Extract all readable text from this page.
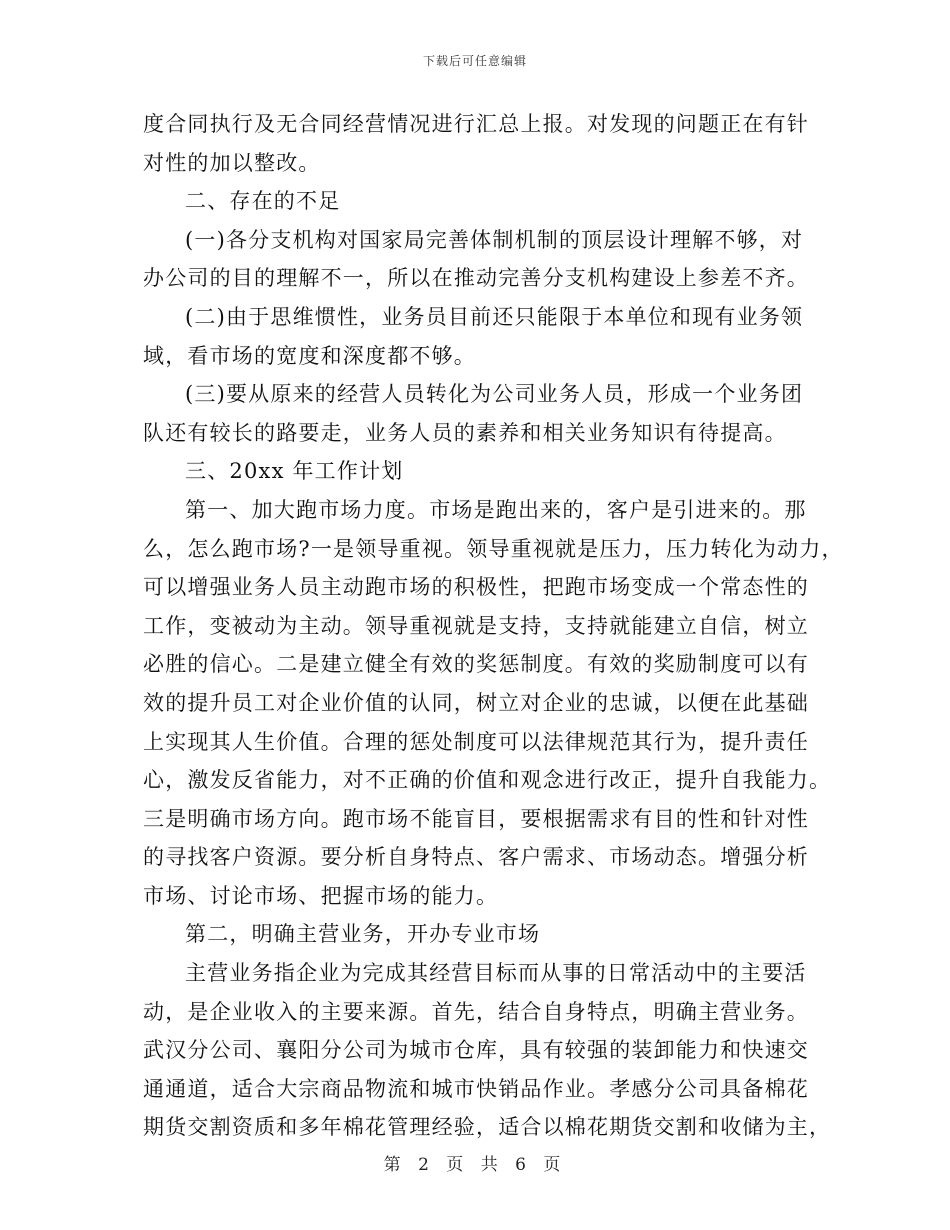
下载后可任意编辑
度合同执行及无合同经营情况进行汇总上报。对发现的问题正在有针
对性的加以整改。
二、存在的不足
(一)各分支机构对国家局完善体制机制的顶层设计理解不够，对
办公司的目的理解不一，所以在推动完善分支机构建设上参差不齐。
(二)由于思维惯性，业务员目前还只能限于本单位和现有业务领
域，看市场的宽度和深度都不够。
(三)要从原来的经营人员转化为公司业务人员，形成一个业务团
队还有较长的路要走，业务人员的素养和相关业务知识有待提高。
三、20xx 年工作计划
第一、加大跑市场力度。市场是跑出来的，客户是引进来的。那
么，怎么跑市场?一是领导重视。领导重视就是压力，压力转化为动力，
可以增强业务人员主动跑市场的积极性，把跑市场变成一个常态性的
工作，变被动为主动。领导重视就是支持，支持就能建立自信，树立
必胜的信心。二是建立健全有效的奖惩制度。有效的奖励制度可以有
效的提升员工对企业价值的认同，树立对企业的忠诚，以便在此基础
上实现其人生价值。合理的惩处制度可以法律规范其行为，提升责任
心，激发反省能力，对不正确的价值和观念进行改正，提升自我能力。
三是明确市场方向。跑市场不能盲目，要根据需求有目的性和针对性
的寻找客户资源。要分析自身特点、客户需求、市场动态。增强分析
市场、讨论市场、把握市场的能力。
第二，明确主营业务，开办专业市场
主营业务指企业为完成其经营目标而从事的日常活动中的主要活
动，是企业收入的主要来源。首先，结合自身特点，明确主营业务。
武汉分公司、襄阳分公司为城市仓库，具有较强的装卸能力和快速交
通通道，适合大宗商品物流和城市快销品作业。孝感分公司具备棉花
期货交割资质和多年棉花管理经验，适合以棉花期货交割和收储为主，
第 2 页 共 6 页
